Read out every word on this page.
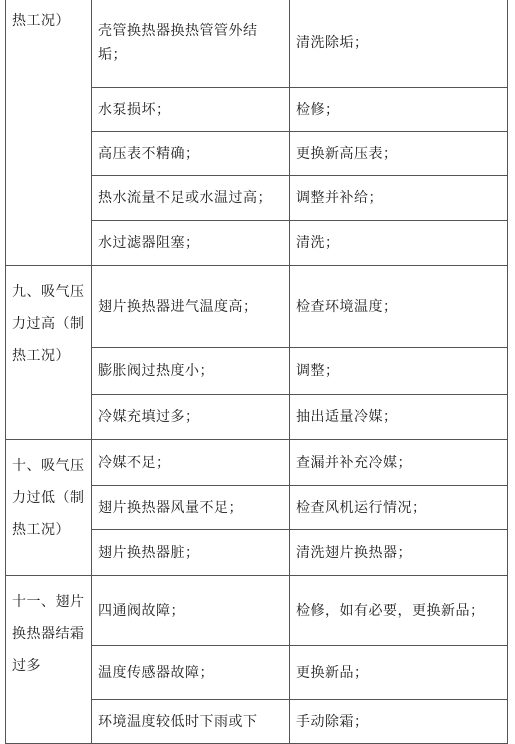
热工况）	壳管换热器换热管管外结垢；	清洗除垢；
	水泵损坏；	检修；
	高压表不精确；	更换新高压表；
	热水流量不足或水温过高；	调整并补给；
	水过滤器阻塞；	清洗；
九、吸气压力过高（制热工况）	翅片换热器进气温度高；	检查环境温度；
	膨胀阀过热度小；	调整；
	冷媒充填过多；	抽出适量冷媒；
十、吸气压力过低（制热工况）	冷媒不足；	查漏并补充冷媒；
	翅片换热器风量不足；	检查风机运行情况；
	翅片换热器脏；	清洗翅片换热器；
十一、翅片换热器结霜过多	四通阀故障；	检修，如有必要，更换新品；
	温度传感器故障；	更换新品；
	环境温度较低时下雨或下	手动除霜；
